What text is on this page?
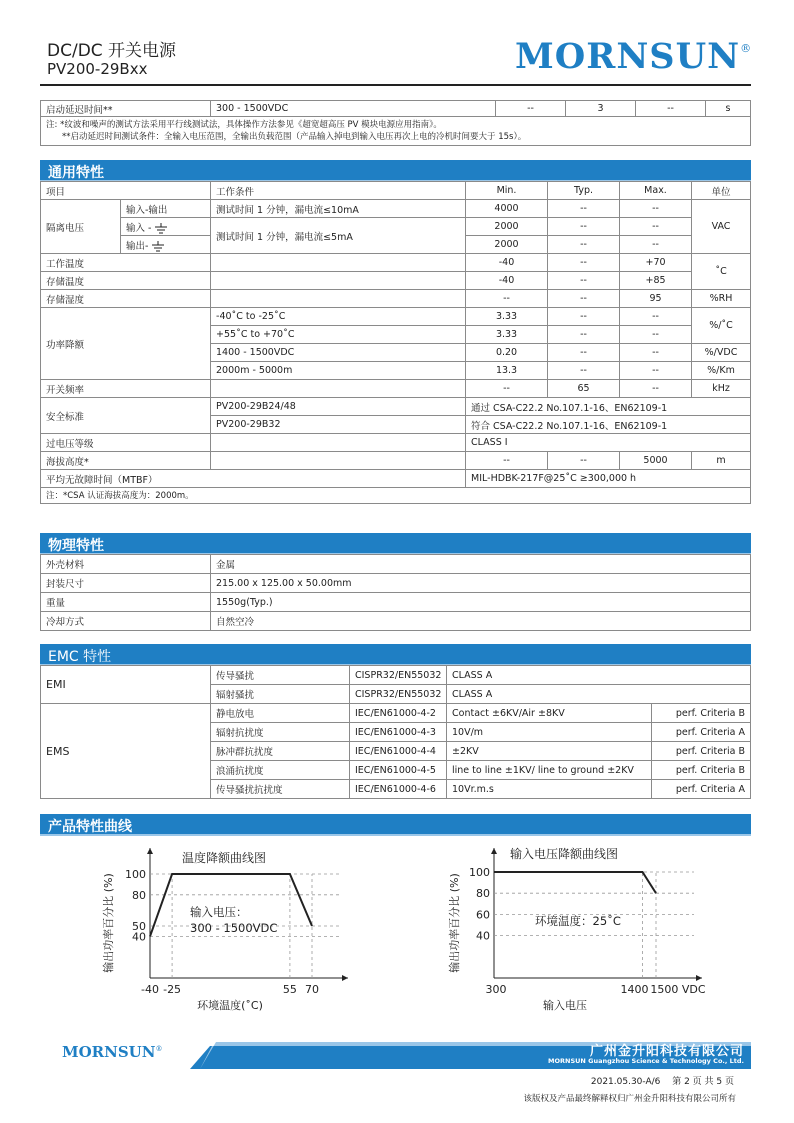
DC/DC 开关电源
PV200-29Bxx	MORNSUN®
启动延迟时间**	300 - 1500VDC	--	3	--	s

注: *纹波和噪声的测试方法采用平行线测试法，具体操作方法参见《超宽超高压 PV 模块电源应用指南》。
**启动延迟时间测试条件：全输入电压范围，全输出负载范围（产品输入掉电到输入电压再次上电的冷机时间要大于 15s）。
通用特性
项目		工作条件	Min.	Typ.	Max.	单位
隔离电压	输入-输出	测试时间 1 分钟，漏电流≤10mA	4000	--	--	VAC
	输入 -	测试时间 1 分钟，漏电流≤5mA	2000	--	--	
	输出-		2000	--	--	
工作温度			-40	--	+70	˚C
存储温度			-40	--	+85	
存储湿度			--	--	95	%RH
功率降额		-40˚C to -25˚C	3.33	--	--	%/˚C
		+55˚C to +70˚C	3.33	--	--	
		1400 - 1500VDC	0.20	--	--	%/VDC
		2000m - 5000m	13.3	--	--	%/Km
开关频率			--	65	--	kHz
安全标准		PV200-29B24/48	通过 CSA-C22.2 No.107.1-16、EN62109-1			
		PV200-29B32	符合 CSA-C22.2 No.107.1-16、EN62109-1			
过电压等级			CLASS I			
海拔高度*			--	--	5000	m
平均无故障时间（MTBF）			MIL-HDBK-217F@25˚C ≥300,000 h			
注：*CSA 认证海拔高度为：2000m。						
物理特性
外壳材料	金属
封装尺寸	215.00 x 125.00 x 50.00mm
重量	1550g(Typ.)
冷却方式	自然空冷
EMC 特性
EMI	传导骚扰	CISPR32/EN55032	CLASS A	
	辐射骚扰	CISPR32/EN55032	CLASS A	
EMS	静电放电	IEC/EN61000-4-2	Contact ±6KV/Air ±8KV	perf. Criteria B
	辐射抗扰度	IEC/EN61000-4-3	10V/m	perf. Criteria A
	脉冲群抗扰度	IEC/EN61000-4-4	±2KV	perf. Criteria B
	浪涌抗扰度	IEC/EN61000-4-5	line to line ±1KV/ line to ground ±2KV	perf. Criteria B
	传导骚扰抗扰度	IEC/EN61000-4-6	10Vr.m.s	perf. Criteria A
产品特性曲线
温度降额曲线图
100
80
50
40
-40 -25	55 70
输入电压：
300 - 1500VDC
环境温度(˚C)
输出功率百分比 (%)
输入电压降额曲线图
100
80
60
40
300	1400 1500 VDC
环境温度：25˚C
输入电压
输出功率百分比 (%)
MORNSUN®	广州金升阳科技有限公司
MORNSUN Guangzhou Science & Technology Co., Ltd.
2021.05.30-A/6　 第 2 页 共 5 页
该版权及产品最终解释权归广州金升阳科技有限公司所有
